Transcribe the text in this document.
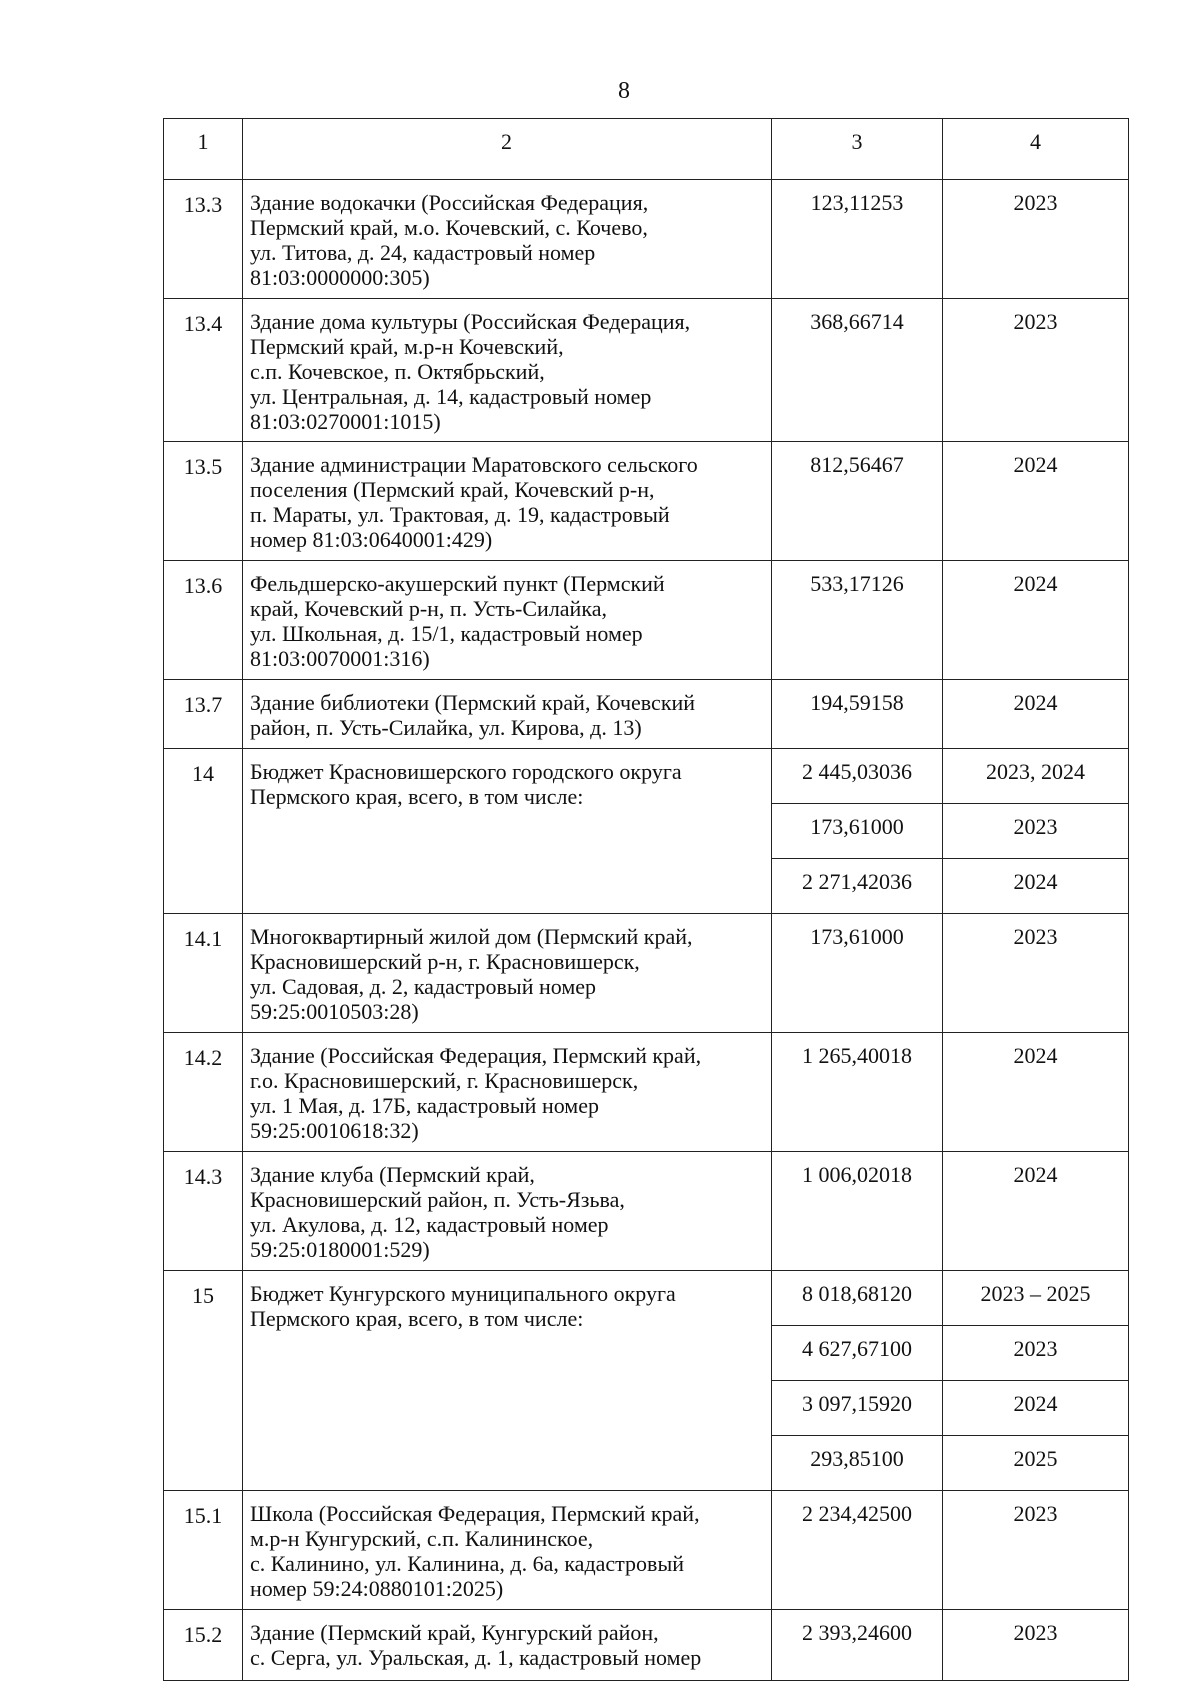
8
1	2	3	4
13.3	Здание водокачки (Российская Федерация,
Пермский край, м.о. Кочевский, с. Кочево,
ул. Титова, д. 24, кадастровый номер
81:03:0000000:305)	123,11253	2023
13.4	Здание дома культуры (Российская Федерация,
Пермский край, м.р-н Кочевский,
с.п. Кочевское, п. Октябрьский,
ул. Центральная, д. 14, кадастровый номер
81:03:0270001:1015)	368,66714	2023
13.5	Здание администрации Маратовского сельского
поселения (Пермский край, Кочевский р-н,
п. Мараты, ул. Трактовая, д. 19, кадастровый
номер 81:03:0640001:429)	812,56467	2024
13.6	Фельдшерско-акушерский пункт (Пермский
край, Кочевский р-н, п. Усть-Силайка,
ул. Школьная, д. 15/1, кадастровый номер
81:03:0070001:316)	533,17126	2024
13.7	Здание библиотеки (Пермский край, Кочевский
район, п. Усть-Силайка, ул. Кирова, д. 13)	194,59158	2024
14	Бюджет Красновишерского городского округа
Пермского края, всего, в том числе:	2 445,03036	2023, 2024
		173,61000	2023
		2 271,42036	2024
14.1	Многоквартирный жилой дом (Пермский край,
Красновишерский р-н, г. Красновишерск,
ул. Садовая, д. 2, кадастровый номер
59:25:0010503:28)	173,61000	2023
14.2	Здание (Российская Федерация, Пермский край,
г.о. Красновишерский, г. Красновишерск,
ул. 1 Мая, д. 17Б, кадастровый номер
59:25:0010618:32)	1 265,40018	2024
14.3	Здание клуба (Пермский край,
Красновишерский район, п. Усть-Язьва,
ул. Акулова, д. 12, кадастровый номер
59:25:0180001:529)	1 006,02018	2024
15	Бюджет Кунгурского муниципального округа
Пермского края, всего, в том числе:	8 018,68120	2023 – 2025
		4 627,67100	2023
		3 097,15920	2024
		293,85100	2025
15.1	Школа (Российская Федерация, Пермский край,
м.р-н Кунгурский, с.п. Калининское,
с. Калинино, ул. Калинина, д. 6а, кадастровый
номер 59:24:0880101:2025)	2 234,42500	2023
15.2	Здание (Пермский край, Кунгурский район,
с. Серга, ул. Уральская, д. 1, кадастровый номер	2 393,24600	2023
